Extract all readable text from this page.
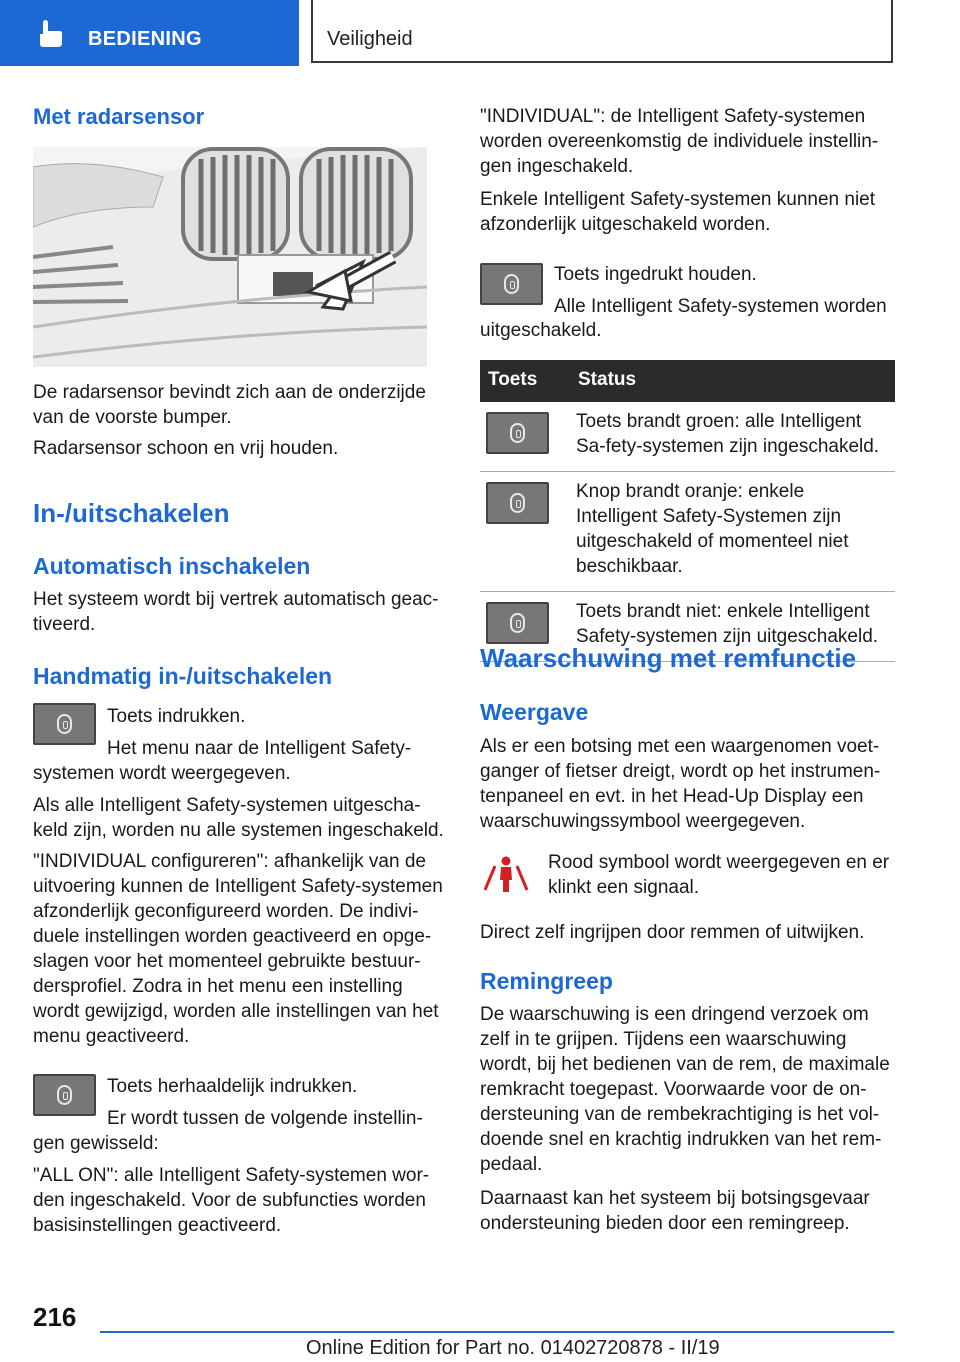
BEDIENING	Veiligheid
Met radarsensor

De radarsensor bevindt zich aan de onderzijde van de voorste bumper.

Radarsensor schoon en vrij houden.

In-/uitschakelen
Automatisch inschakelen

Het systeem wordt bij vertrek automatisch geac‐tiveerd.

Handmatig in-/uitschakelen

Toets indrukken.

Het menu naar de Intelligent Safety-

systemen wordt weergegeven.

Als alle Intelligent Safety-systemen uitgescha‐keld zijn, worden nu alle systemen ingeschakeld.

"INDIVIDUAL configureren": afhankelijk van de uitvoering kunnen de Intelligent Safety-systemen afzonderlijk geconfigureerd worden. De indivi‐duele instellingen worden geactiveerd en opge‐slagen voor het momenteel gebruikte bestuur‐dersprofiel. Zodra in het menu een instelling wordt gewijzigd, worden alle instellingen van het menu geactiveerd.

Toets herhaaldelijk indrukken.

Er wordt tussen de volgende instellin‐

gen gewisseld:

"ALL ON": alle Intelligent Safety-systemen wor‐den ingeschakeld. Voor de subfuncties worden basisinstellingen geactiveerd.

"INDIVIDUAL": de Intelligent Safety-systemen worden overeenkomstig de individuele instellin‐gen ingeschakeld.

Enkele Intelligent Safety-systemen kunnen niet afzonderlijk uitgeschakeld worden.

Toets ingedrukt houden.

Alle Intelligent Safety-systemen worden

uitgeschakeld.

Toets	Status

	Toets brandt groen: alle Intelligent Sa‐fety-systemen zijn ingeschakeld.

	Knop brandt oranje: enkele Intelligent Safety-Systemen zijn uitgeschakeld of momenteel niet beschikbaar.

	Toets brandt niet: enkele Intelligent Safety-systemen zijn uitgeschakeld.
Waarschuwing met remfunctie
Weergave

Als er een botsing met een waargenomen voet‐ganger of fietser dreigt, wordt op het instrumen‐tenpaneel en evt. in het Head-Up Display een waarschuwingssymbool weergegeven.

Rood symbool wordt weergegeven en er klinkt een signaal.

Direct zelf ingrijpen door remmen of uitwijken.

Remingreep

De waarschuwing is een dringend verzoek om zelf in te grijpen. Tijdens een waarschuwing wordt, bij het bedienen van de rem, de maximale remkracht toegepast. Voorwaarde voor de on‐dersteuning van de rembekrachtiging is het vol‐doende snel en krachtig indrukken van het rem‐pedaal.

Daarnaast kan het systeem bij botsingsgevaar ondersteuning bieden door een remingreep.

216
Online Edition for Part no. 01402720878 - II/19
